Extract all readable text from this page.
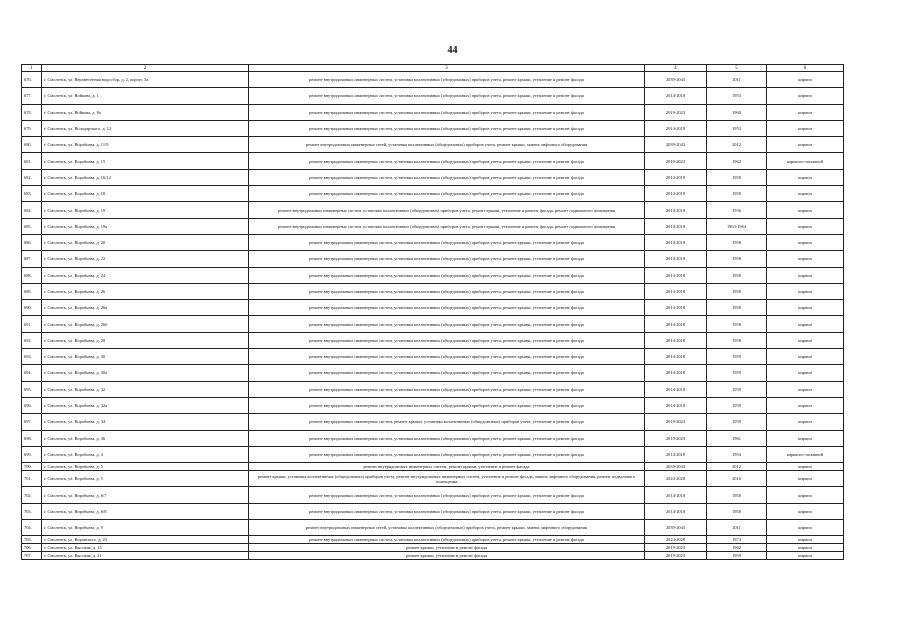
44
1	2	3	4	5	6
676.	г. Смоленск, ул. Верхнесенная водосбор, д. 2, корпус 5а	ремонт внутридомовых инженерных систем, установка коллективных (общедомовых) приборов учета, ремонт крыши, утепление и ремонт фасада	2039-2043	2011	кирпич
677.	г. Смоленск, ул. Войкова, д. 1	ремонт внутридомовых инженерных систем, установка коллективных (общедомовых) приборов учета, ремонт крыши, утепление и ремонт фасада	2014-2018	1953	кирпич
678.	г. Смоленск, ул. Войкова, д. 8а	ремонт внутридомовых инженерных систем, установка коллективных (общедомовых) приборов учета, ремонт крыши, утепление и ремонт фасада	2019-2023	1960	кирпич
679.	г. Смоленск, ул. Володарского, д. 12	ремонт внутридомовых инженерных систем, установка коллективных (общедомовых) приборов учета, ремонт крыши, утепление и ремонт фасада	2014-2018	1953	кирпич
680.	г. Смоленск, ул. Воробьева, д. 11/9	ремонт внутридомовых инженерных сетей, установка коллективных (общедомовых) приборов учета, ремонт крыши, замена лифтового оборудования	2039-2043	2012	кирпич
681.	г. Смоленск, ул. Воробьева, д. 15	ремонт внутридомовых инженерных систем, установка коллективных (общедомовых) приборов учета, ремонт крыши, утепление и ремонт фасада	2019-2023	1962	каркасно-засыпной
682.	г. Смоленск, ул. Воробьева, д. 16/12	ремонт внутридомовых инженерных систем, установка коллективных (общедомовых) приборов учета, ремонт крыши, утепление и ремонт фасада	2014-2018	1958	кирпич
683.	г. Смоленск, ул. Воробьева, д. 18	ремонт внутридомовых инженерных систем, установка коллективных (общедомовых) приборов учета, ремонт крыши, утепление и ремонт фасада	2014-2018	1958	кирпич
684.	г. Смоленск, ул. Воробьева, д. 19	ремонт внутридомовых инженерных систем, установка коллективных (общедомовых) приборов учета, ремонт крыши, утепление и ремонт фасада, ремонт подвального помещения	2014-2018	1936	кирпич
685.	г. Смоленск, ул. Воробьева, д. 19а	ремонт внутридомовых инженерных систем, установка коллективных (общедомовых) приборов учета, ремонт крыши, утепление и ремонт фасада, ремонт подвального помещения	2014-2018	1963-1964	кирпич
686.	г. Смоленск, ул. Воробьева, д. 20	ремонт внутридомовых инженерных систем, установка коллективных (общедомовых) приборов учета, ремонт крыши, утепление и ремонт фасада	2014-2018	1958	кирпич
687.	г. Смоленск, ул. Воробьева, д. 22	ремонт внутридомовых инженерных систем, установка коллективных (общедомовых) приборов учета, ремонт крыши, утепление и ремонт фасада	2014-2018	1958	кирпич
688.	г. Смоленск, ул. Воробьева, д. 24	ремонт внутридомовых инженерных систем, установка коллективных (общедомовых) приборов учета, ремонт крыши, утепление и ремонт фасада	2014-2018	1958	кирпич
689.	г. Смоленск, ул. Воробьева, д. 26	ремонт внутридомовых инженерных систем, установка коллективных (общедомовых) приборов учета, ремонт крыши, утепление и ремонт фасада	2014-2018	1958	кирпич
690.	г. Смоленск, ул. Воробьева, д. 26а	ремонт внутридомовых инженерных систем, установка коллективных (общедомовых) приборов учета, ремонт крыши, утепление и ремонт фасада	2014-2018	1958	кирпич
691.	г. Смоленск, ул. Воробьева, д. 26б	ремонт внутридомовых инженерных систем, установка коллективных (общедомовых) приборов учета, ремонт крыши, утепление и ремонт фасада	2014-2018	1958	кирпич
692.	г. Смоленск, ул. Воробьева, д. 28	ремонт внутридомовых инженерных систем, установка коллективных (общедомовых) приборов учета, ремонт крыши, утепление и ремонт фасада	2014-2018	1958	кирпич
693.	г. Смоленск, ул. Воробьева, д. 30	ремонт внутридомовых инженерных систем, установка коллективных (общедомовых) приборов учета, ремонт крыши, утепление и ремонт фасада	2014-2018	1959	кирпич
694.	г. Смоленск, ул. Воробьева, д. 30а	ремонт внутридомовых инженерных систем, установка коллективных (общедомовых) приборов учета, ремонт крыши, утепление и ремонт фасада	2014-2018	1959	кирпич
695.	г. Смоленск, ул. Воробьева, д. 32	ремонт внутридомовых инженерных систем, установка коллективных (общедомовых) приборов учета, ремонт крыши, утепление и ремонт фасада	2014-2018	1959	кирпич
696.	г. Смоленск, ул. Воробьева, д. 32а	ремонт внутридомовых инженерных систем, установка коллективных (общедомовых) приборов учета, ремонт крыши, утепление и ремонт фасада	2014-2018	1959	кирпич
697.	г. Смоленск, ул. Воробьева, д. 34	ремонт внутридомовых инженерных систем, ремонт крыши, установка коллективных (общедомовых) приборов учета, утепление и ремонт фасада	2019-2023	1959	кирпич
698.	г. Смоленск, ул. Воробьева, д. 36	ремонт внутридомовых инженерных систем, установка коллективных (общедомовых) приборов учета, ремонт крыши, утепление и ремонт фасада	2019-2023	1961	кирпич
699.	г. Смоленск, ул. Воробьева, д. 4	ремонт внутридомовых инженерных систем, установка коллективных (общедомовых) приборов учета, ремонт крыши, утепление и ремонт фасада	2014-2018	1954	каркасно-засыпной
700.	г. Смоленск, ул. Воробьева, д. 5	ремонт внутридомовых инженерных систем, ремонт крыши, утепление и ремонт фасада	2039-2043	2012	кирпич
701.	г. Смоленск, ул. Воробьева, д. 5	ремонт крыши, установка коллективных (общедомовых) приборов учета, ремонт внутридомовых инженерных систем, утепление и ремонт фасада, замена лифтового оборудования, ремонт подвального помещения	2024-2028	2010	кирпич
702.	г. Смоленск, ул. Воробьева, д. 6/7	ремонт внутридомовых инженерных систем, установка коллективных (общедомовых) приборов учета, ремонт крыши, утепление и ремонт фасада	2014-2018	1958	кирпич
703.	г. Смоленск, ул. Воробьева, д. 6/8	ремонт внутридомовых инженерных систем, установка коллективных (общедомовых) приборов учета, ремонт крыши, утепление и ремонт фасада	2014-2018	1958	кирпич
704.	г. Смоленск, ул. Воробьева, д. 9	ремонт внутридомовых инженерных сетей, установка коллективных (общедомовых) приборов учета, ремонт крыши, замена лифтового оборудования	2039-2043	2011	кирпич
705.	г. Смоленск, ул. Воровского, д. 23	ремонт внутридомовых инженерных систем, установка коллективных (общедомовых) приборов учета, ремонт крыши, утепление и ремонт фасада	2024-2028	1974	кирпич
706.	г. Смоленск, ул. Высокая, д. 13	ремонт крыши, утепление и ремонт фасада	2019-2023	1962	кирпич
707.	г. Смоленск, ул. Высокая, д. 21	ремонт крыши, утепление и ремонт фасада	2019-2023	1959	кирпич
